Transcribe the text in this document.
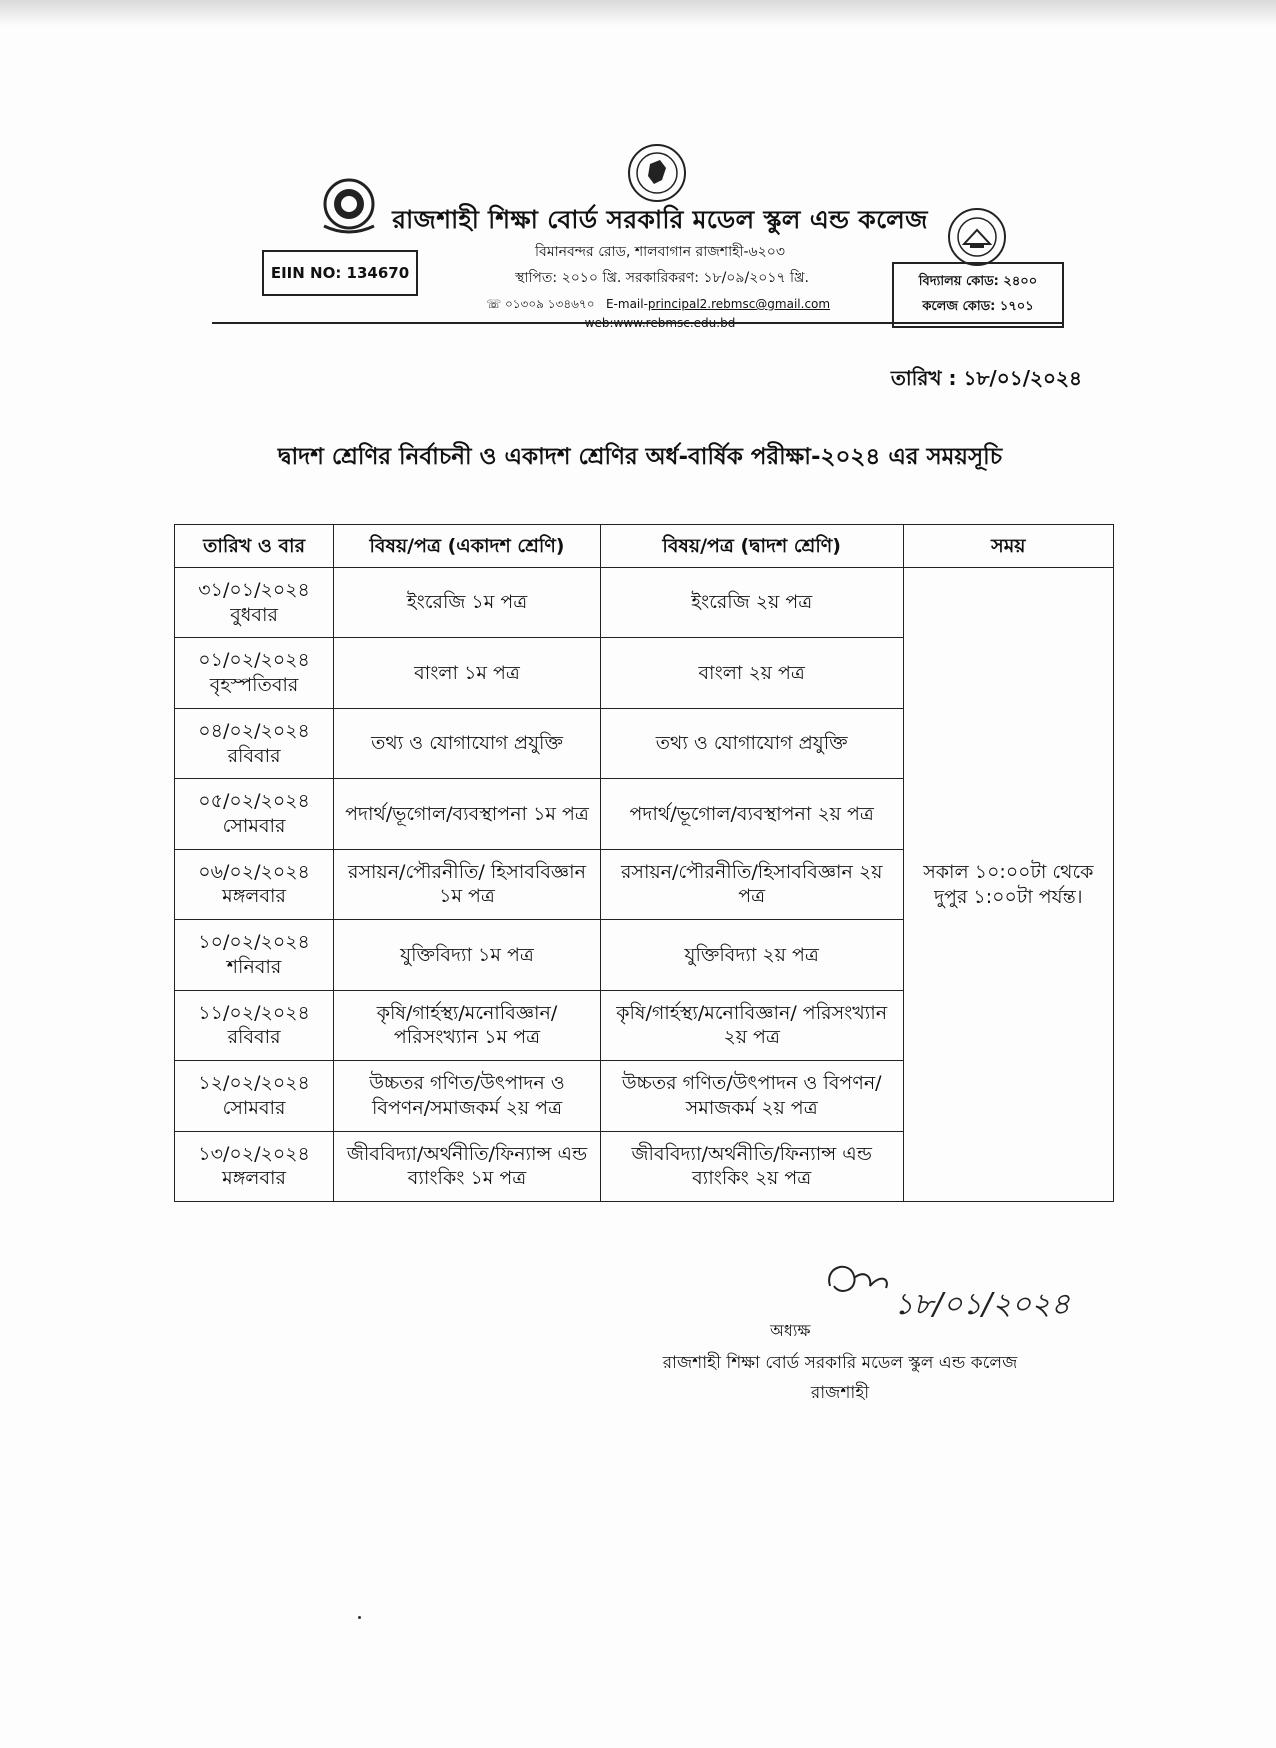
রাজশাহী শিক্ষা বোর্ড সরকারি মডেল স্কুল এন্ড কলেজ
বিমানবন্দর রোড, শালবাগান রাজশাহী-৬২০৩
স্থাপিত: ২০১০ খ্রি. সরকারিকরণ: ১৮/০৯/২০১৭ খ্রি.
☏ ০১৩০৯ ১৩৪৬৭০ E-mail-principal2.rebmsc@gmail.com  web:www.rebmsc.edu.bd
EIIN NO: 134670	বিদ্যালয় কোড: ২৪০০
কলেজ কোড: ১৭০১
তারিখ : ১৮/০১/২০২৪
দ্বাদশ শ্রেণির নির্বাচনী ও একাদশ শ্রেণির অর্ধ-বার্ষিক পরীক্ষা-২০২৪ এর সময়সূচি
তারিখ ও বার	বিষয়/পত্র (একাদশ শ্রেণি)	বিষয়/পত্র (দ্বাদশ শ্রেণি)	সময়

৩১/০১/২০২৪
বুধবার	ইংরেজি ১ম পত্র	ইংরেজি ২য় পত্র	সকাল ১০:০০টা থেকে দুপুর ১:০০টা পর্যন্ত।

০১/০২/২০২৪
বৃহস্পতিবার	বাংলা ১ম পত্র	বাংলা ২য় পত্র	

০৪/০২/২০২৪
রবিবার	তথ্য ও যোগাযোগ প্রযুক্তি	তথ্য ও যোগাযোগ প্রযুক্তি	

০৫/০২/২০২৪
সোমবার	পদার্থ/ভূগোল/ব্যবস্থাপনা ১ম পত্র	পদার্থ/ভূগোল/ব্যবস্থাপনা ২য় পত্র	

০৬/০২/২০২৪
মঙ্গলবার	রসায়ন/পৌরনীতি/ হিসাববিজ্ঞান ১ম পত্র	রসায়ন/পৌরনীতি/হিসাববিজ্ঞান ২য় পত্র	

১০/০২/২০২৪
শনিবার	যুক্তিবিদ্যা ১ম পত্র	যুক্তিবিদ্যা ২য় পত্র	

১১/০২/২০২৪
রবিবার	কৃষি/গার্হস্থ্য/মনোবিজ্ঞান/ পরিসংখ্যান ১ম পত্র	কৃষি/গার্হস্থ্য/মনোবিজ্ঞান/ পরিসংখ্যান ২য় পত্র	

১২/০২/২০২৪
সোমবার	উচ্চতর গণিত/উৎপাদন ও বিপণন/সমাজকর্ম ২য় পত্র	উচ্চতর গণিত/উৎপাদন ও বিপণন/সমাজকর্ম ২য় পত্র	

১৩/০২/২০২৪
মঙ্গলবার	জীববিদ্যা/অর্থনীতি/ফিন্যান্স এন্ড ব্যাংকিং ১ম পত্র	জীববিদ্যা/অর্থনীতি/ফিন্যান্স এন্ড ব্যাংকিং ২য় পত্র	
১৮/০১/২০২৪
অধ্যক্ষ
রাজশাহী শিক্ষা বোর্ড সরকারি মডেল স্কুল এন্ড কলেজ
রাজশাহী
